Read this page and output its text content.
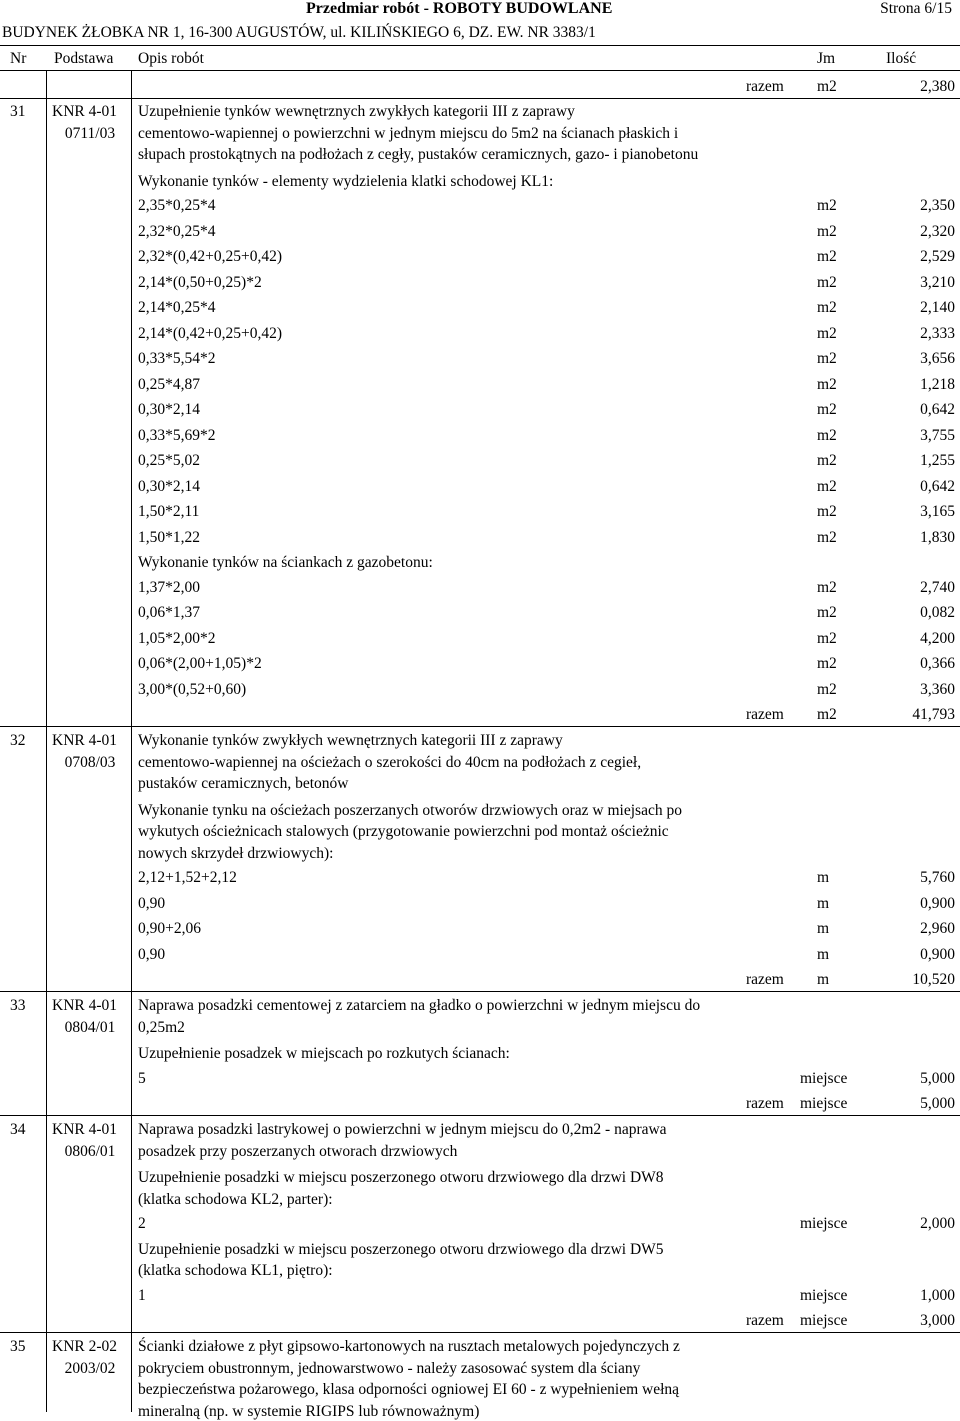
Przedmiar robót - ROBOTY BUDOWLANE	Strona 6/15
BUDYNEK ŻŁOBKA NR 1, 16-300 AUGUSTÓW, ul. KILIŃSKIEGO 6, DZ. EW. NR 3383/1
Nr Podstawa Opis robót	Jm	Ilość
razem m2	2,380
31 KNR 4-01
0711/03
Uzupełnienie tynków wewnętrznych zwykłych kategorii III z zaprawy
cementowo-wapiennej o powierzchni w jednym miejscu do 5m2 na ścianach płaskich i
słupach prostokątnych na podłożach z cegły, pustaków ceramicznych, gazo- i pianobetonu
Wykonanie tynków - elementy wydzielenia klatki schodowej KL1:
2,35*0,25*4	m2	2,350
2,32*0,25*4	m2	2,320
2,32*(0,42+0,25+0,42)	m2	2,529
2,14*(0,50+0,25)*2	m2	3,210
2,14*0,25*4	m2	2,140
2,14*(0,42+0,25+0,42)	m2	2,333
0,33*5,54*2	m2	3,656
0,25*4,87	m2	1,218
0,30*2,14	m2	0,642
0,33*5,69*2	m2	3,755
0,25*5,02	m2	1,255
0,30*2,14	m2	0,642
1,50*2,11	m2	3,165
1,50*1,22	m2	1,830
Wykonanie tynków na ściankach z gazobetonu:
1,37*2,00	m2	2,740
0,06*1,37	m2	0,082
1,05*2,00*2	m2	4,200
0,06*(2,00+1,05)*2	m2	0,366
3,00*(0,52+0,60)	m2	3,360
razem m2	41,793
32 KNR 4-01
0708/03
Wykonanie tynków zwykłych wewnętrznych kategorii III z zaprawy
cementowo-wapiennej na ościeżach o szerokości do 40cm na podłożach z cegieł,
pustaków ceramicznych, betonów
Wykonanie tynku na ościeżach poszerzanych otworów drzwiowych oraz w miejsach po
wykutych ościeżnicach stalowych (przygotowanie powierzchni pod montaż ościeżnic
nowych skrzydeł drzwiowych):
2,12+1,52+2,12	m	5,760
0,90	m	0,900
0,90+2,06	m	2,960
0,90	m	0,900
razem m	10,520
33 KNR 4-01
0804/01
Naprawa posadzki cementowej z zatarciem na gładko o powierzchni w jednym miejscu do
0,25m2
Uzupełnienie posadzek w miejscach po rozkutych ścianach:
5	miejsce	5,000
razem miejsce	5,000
34 KNR 4-01
0806/01
Naprawa posadzki lastrykowej o powierzchni w jednym miejscu do 0,2m2 - naprawa
posadzek przy poszerzanych otworach drzwiowych
Uzupełnienie posadzki w miejscu poszerzonego otworu drzwiowego dla drzwi DW8
(klatka schodowa KL2, parter):
2	miejsce	2,000
Uzupełnienie posadzki w miejscu poszerzonego otworu drzwiowego dla drzwi DW5
(klatka schodowa KL1, piętro):
1	miejsce	1,000
razem miejsce	3,000
35 KNR 2-02
2003/02
Ścianki działowe z płyt gipsowo-kartonowych na rusztach metalowych pojedynczych z
pokryciem obustronnym, jednowarstwowo - należy zasosować system dla ściany
bezpieczeństwa pożarowego, klasa odporności ogniowej EI 60 - z wypełnieniem wełną
mineralną (np. w systemie RIGIPS lub równoważnym)
